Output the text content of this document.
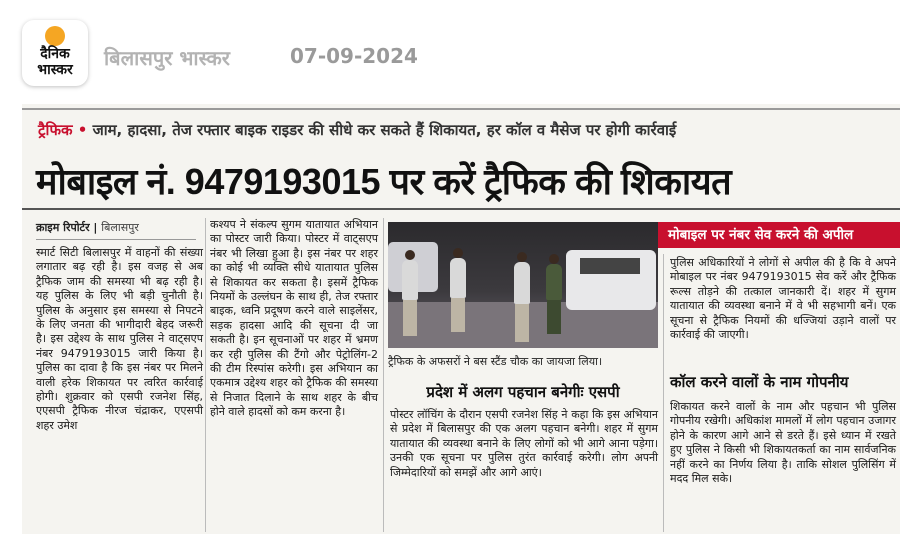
दैनिक
भास्कर	बिलासपुर भास्कर	07-09-2024
ट्रैफिक • जाम, हादसा, तेज रफ्तार बाइक राइडर की सीधे कर सकते हैं शिकायत, हर कॉल व मैसेज पर होगी कार्रवाई
मोबाइल नं. 9479193015 पर करें ट्रैफिक की शिकायत
क्राइम रिपोर्टर | बिलासपुर
स्मार्ट सिटी बिलासपुर में वाहनों की संख्या लगातार बढ़ रही है। इस वजह से अब ट्रैफिक जाम की समस्या भी बढ़ रही है। यह पुलिस के लिए भी बड़ी चुनौती है। पुलिस के अनुसार इस समस्या से निपटने के लिए जनता की भागीदारी बेहद जरूरी है। इस उद्देश्य के साथ पुलिस ने वाट्सएप नंबर 9479193015 जारी किया है। पुलिस का दावा है कि इस नंबर पर मिलने वाली हरेक शिकायत पर त्वरित कार्रवाई होगी। शुक्रवार को एसपी रजनेश सिंह, एएसपी ट्रैफिक नीरज चंद्राकर, एएसपी शहर उमेश
कश्यप ने संकल्प सुगम यातायात अभियान का पोस्टर जारी किया। पोस्टर में वाट्सएप नंबर भी लिखा हुआ है। इस नंबर पर शहर का कोई भी व्यक्ति सीधे यातायात पुलिस से शिकायत कर सकता है। इसमें ट्रैफिक नियमों के उल्लंघन के साथ ही, तेज रफ्तार बाइक, ध्वनि प्रदूषण करने वाले साइलेंसर, सड़क हादसा आदि की सूचना दी जा सकती है। इन सूचनाओं पर शहर में भ्रमण कर रही पुलिस की टैंगो और पेट्रोलिंग-2 की टीम रिस्पांस करेगी। इस अभियान का एकमात्र उद्देश्य शहर को ट्रैफिक की समस्या से निजात दिलाने के साथ शहर के बीच होने वाले हादसों को कम करना है।
ट्रैफिक के अफसरों ने बस स्टैंड चौक का जायजा लिया।
प्रदेश में अलग पहचान बनेगीः एसपी
पोस्टर लॉचिंग के दौरान एसपी रजनेश सिंह ने कहा कि इस अभियान से प्रदेश में बिलासपुर की एक अलग पहचान बनेगी। शहर में सुगम यातायात की व्यवस्था बनाने के लिए लोगों को भी आगे आना पड़ेगा। उनकी एक सूचना पर पुलिस तुरंत कार्रवाई करेगी। लोग अपनी जिम्मेदारियों को समझें और आगे आएं।
मोबाइल पर नंबर सेव करने की अपील
पुलिस अधिकारियों ने लोगों से अपील की है कि वे अपने मोबाइल पर नंबर 9479193015 सेव करें और ट्रैफिक रूल्स तोड़ने की तत्काल जानकारी दें। शहर में सुगम यातायात की व्यवस्था बनाने में वे भी सहभागी बनें। एक सूचना से ट्रैफिक नियमों की धज्जियां उड़ाने वालों पर कार्रवाई की जाएगी।
कॉल करने वालों के नाम गोपनीय
शिकायत करने वालों के नाम और पहचान भी पुलिस गोपनीय रखेगी। अधिकांश मामलों में लोग पहचान उजागर होने के कारण आगे आने से डरते हैं। इसे ध्यान में रखते हुए पुलिस ने किसी भी शिकायतकर्ता का नाम सार्वजनिक नहीं करने का निर्णय लिया है। ताकि सोशल पुलिसिंग में मदद मिल सके।
